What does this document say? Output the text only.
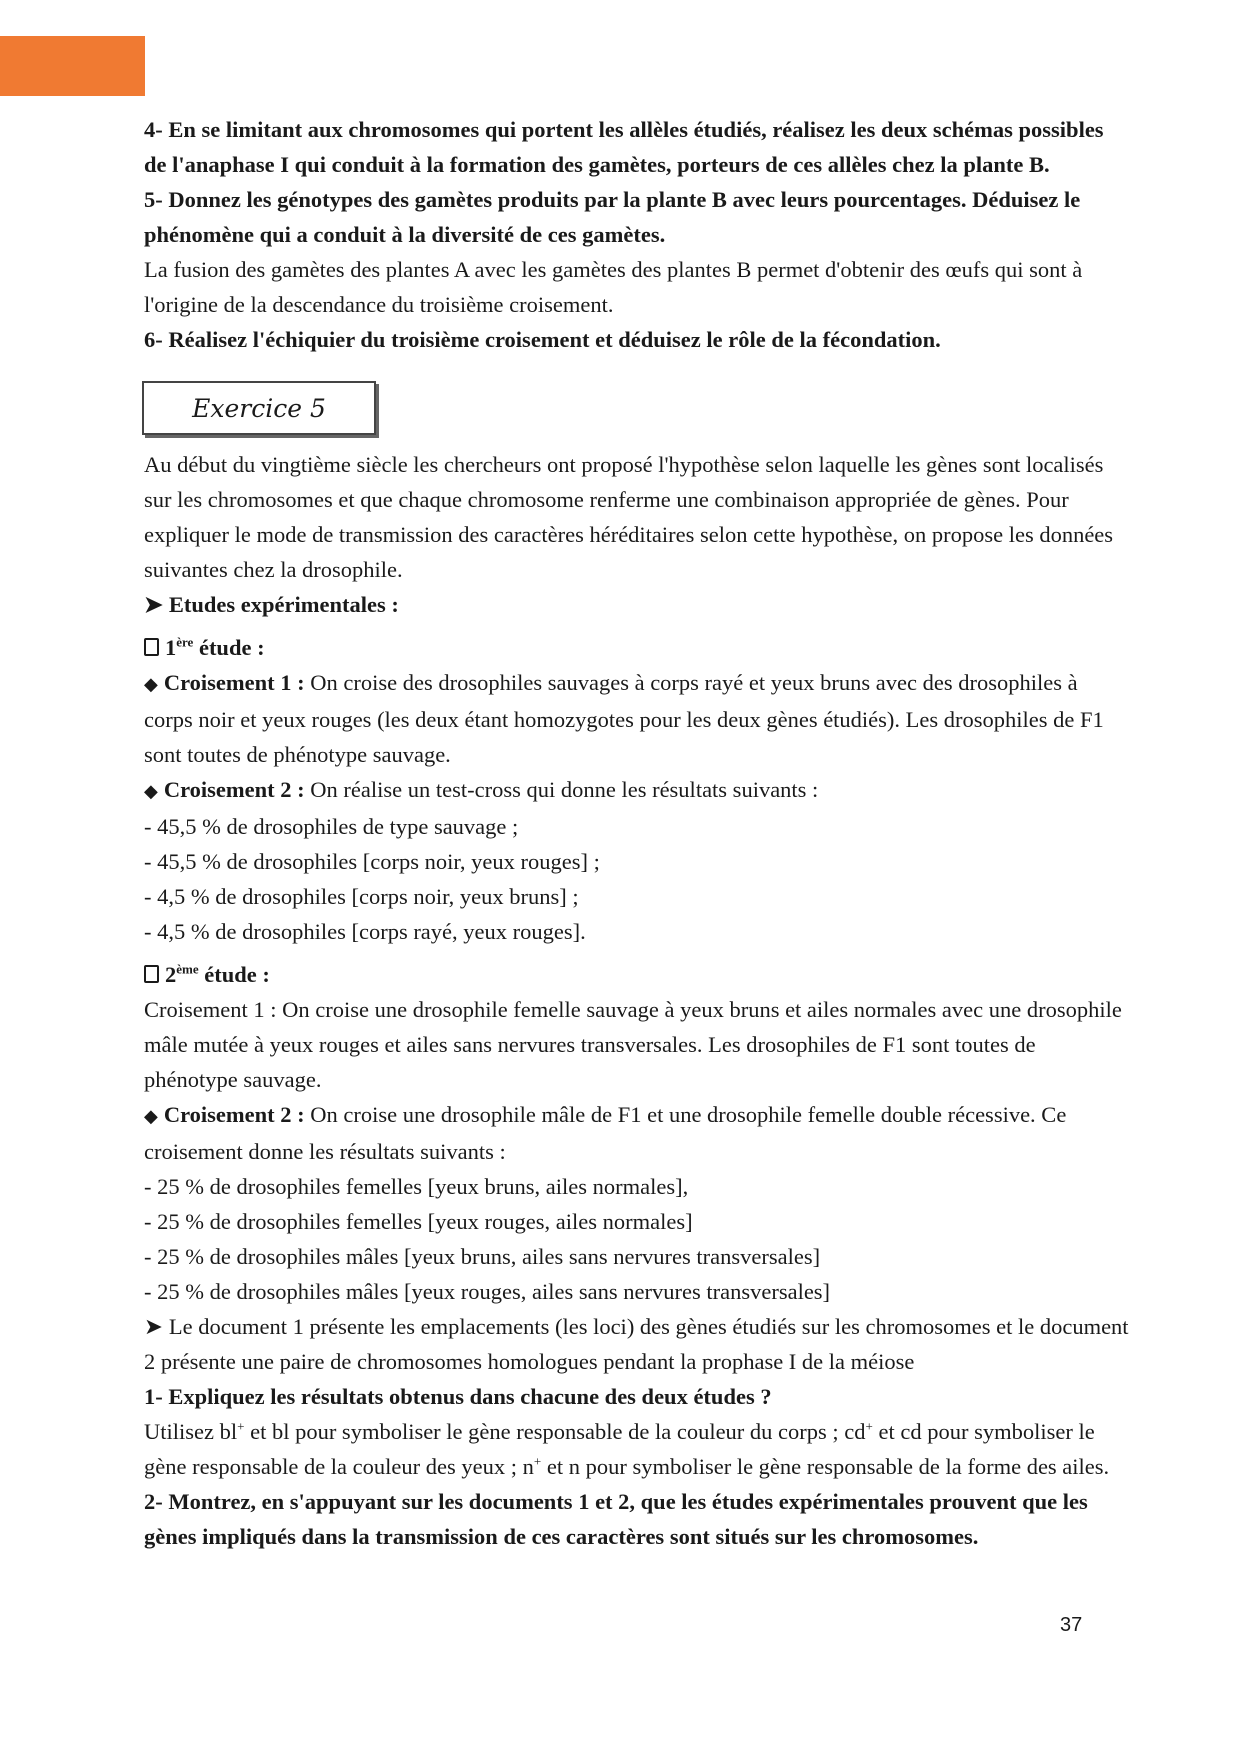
4- En se limitant aux chromosomes qui portent les allèles étudiés, réalisez les deux schémas possibles
de l'anaphase I qui conduit à la formation des gamètes, porteurs de ces allèles chez la plante B.

5- Donnez les génotypes des gamètes produits par la plante B avec leurs pourcentages. Déduisez le
phénomène qui a conduit à la diversité de ces gamètes.

La fusion des gamètes des plantes A avec les gamètes des plantes B permet d'obtenir des œufs qui sont à
l'origine de la descendance du troisième croisement.

6- Réalisez l'échiquier du troisième croisement et déduisez le rôle de la fécondation.

Exercice 5

Au début du vingtième siècle les chercheurs ont proposé l'hypothèse selon laquelle les gènes sont localisés
sur les chromosomes et que chaque chromosome renferme une combinaison appropriée de gènes. Pour
expliquer le mode de transmission des caractères héréditaires selon cette hypothèse, on propose les données
suivantes chez la drosophile.

➤ Etudes expérimentales :

1ère étude :

◆ Croisement 1 : On croise des drosophiles sauvages à corps rayé et yeux bruns avec des drosophiles à
corps noir et yeux rouges (les deux étant homozygotes pour les deux gènes étudiés). Les drosophiles de F1
sont toutes de phénotype sauvage.

◆ Croisement 2 : On réalise un test-cross qui donne les résultats suivants :

- 45,5 % de drosophiles de type sauvage ;

- 45,5 % de drosophiles [corps noir, yeux rouges] ;

- 4,5 % de drosophiles [corps noir, yeux bruns] ;

- 4,5 % de drosophiles [corps rayé, yeux rouges].

2ème étude :

Croisement 1 : On croise une drosophile femelle sauvage à yeux bruns et ailes normales avec une drosophile
mâle mutée à yeux rouges et ailes sans nervures transversales. Les drosophiles de F1 sont toutes de
phénotype sauvage.

◆ Croisement 2 : On croise une drosophile mâle de F1 et une drosophile femelle double récessive. Ce
croisement donne les résultats suivants :

- 25 % de drosophiles femelles [yeux bruns, ailes normales],

- 25 % de drosophiles femelles [yeux rouges, ailes normales]

- 25 % de drosophiles mâles [yeux bruns, ailes sans nervures transversales]

- 25 % de drosophiles mâles [yeux rouges, ailes sans nervures transversales]

➤ Le document 1 présente les emplacements (les loci) des gènes étudiés sur les chromosomes et le document
2 présente une paire de chromosomes homologues pendant la prophase I de la méiose

1- Expliquez les résultats obtenus dans chacune des deux études ?

Utilisez bl+ et bl pour symboliser le gène responsable de la couleur du corps ; cd+ et cd pour symboliser le
gène responsable de la couleur des yeux ; n+ et n pour symboliser le gène responsable de la forme des ailes.

2- Montrez, en s'appuyant sur les documents 1 et 2, que les études expérimentales prouvent que les
gènes impliqués dans la transmission de ces caractères sont situés sur les chromosomes.

37
